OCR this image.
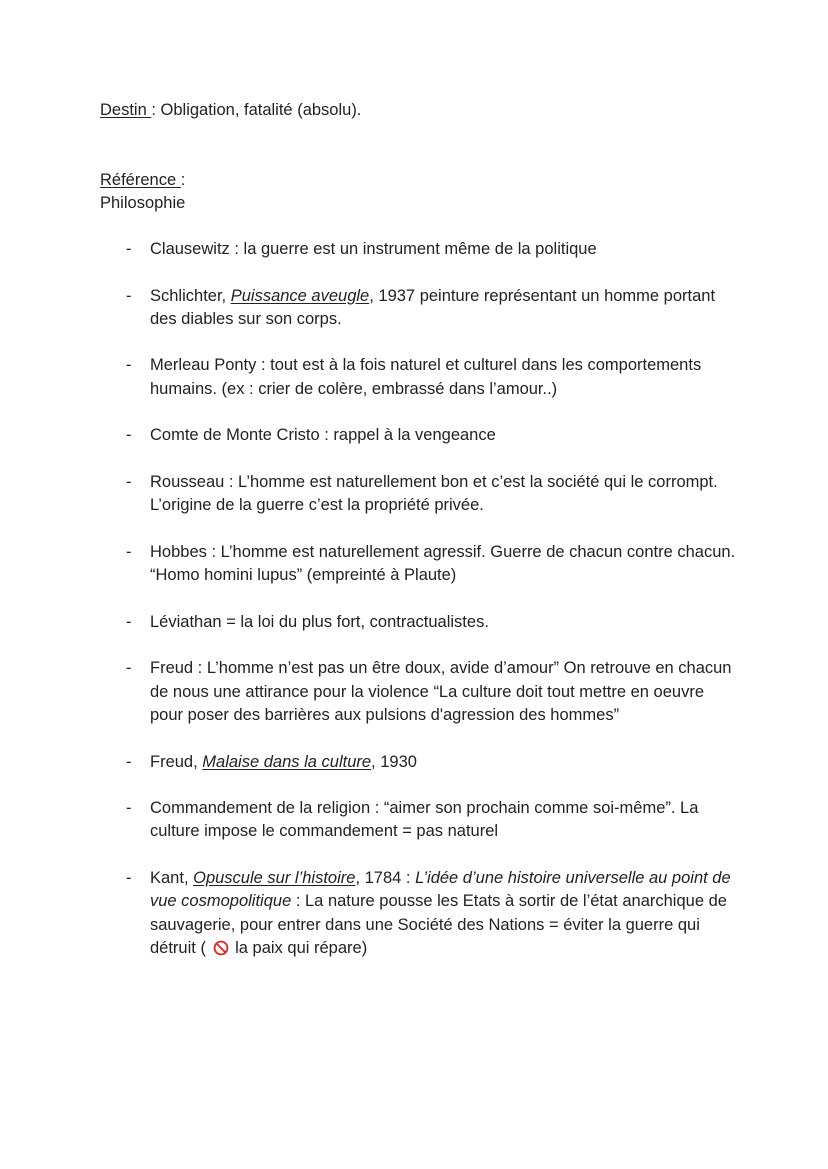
Destin : Obligation, fatalité (absolu).
Référence :
Philosophie
- Clausewitz : la guerre est un instrument même de la politique
- Schlichter, Puissance aveugle, 1937 peinture représentant un homme portant des diables sur son corps.
- Merleau Ponty : tout est à la fois naturel et culturel dans les comportements humains. (ex : crier de colère, embrassé dans l’amour..)
- Comte de Monte Cristo : rappel à la vengeance
- Rousseau : L’homme est naturellement bon et c’est la société qui le corrompt. L’origine de la guerre c’est la propriété privée.
- Hobbes : L’homme est naturellement agressif. Guerre de chacun contre chacun. “Homo homini lupus” (empreinté à Plaute)
- Léviathan = la loi du plus fort, contractualistes.
- Freud : L’homme n’est pas un être doux, avide d’amour” On retrouve en chacun de nous une attirance pour la violence “La culture doit tout mettre en oeuvre pour poser des barrières aux pulsions d'agression des hommes”
- Freud, Malaise dans la culture, 1930
- Commandement de la religion : “aimer son prochain comme soi-même”. La culture impose le commandement = pas naturel
- Kant, Opuscule sur l’histoire, 1784 : L’idée d’une histoire universelle au point de vue cosmopolitique : La nature pousse les Etats à sortir de l’état anarchique de sauvagerie, pour entrer dans une Société des Nations = éviter la guerre qui détruit (  la paix qui répare)
